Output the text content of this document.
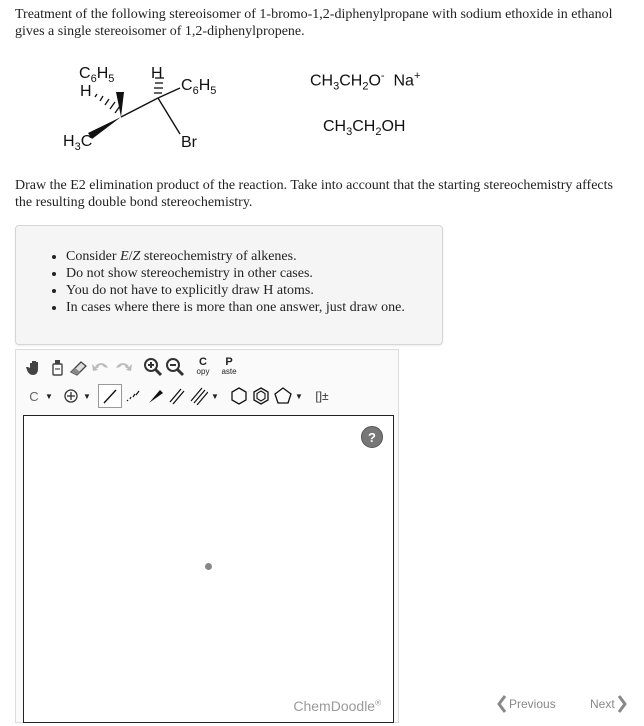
Treatment of the following stereoisomer of 1-bromo-1,2-diphenylpropane with sodium ethoxide in ethanol gives a single stereoisomer of 1,2-diphenylpropene.
$C_6H_5$
H
H
$C_6H_5$
$H_3C$	Br
$CH_3CH_2O^-$  Na+
$CH_3CH_2OH$
Draw the E2 elimination product of the reaction. Take into account that the starting stereochemistry affects the resulting double bond stereochemistry.
• Consider E/Z stereochemistry of alkenes.
• Do not show stereochemistry in other cases.
• You do not have to explicitly draw H atoms.
• In cases where there is more than one answer, just draw one.
C
opy
P
aste
C ▼	▼	▼	▼	[]±
?
ChemDoodle®	Previous	Next
